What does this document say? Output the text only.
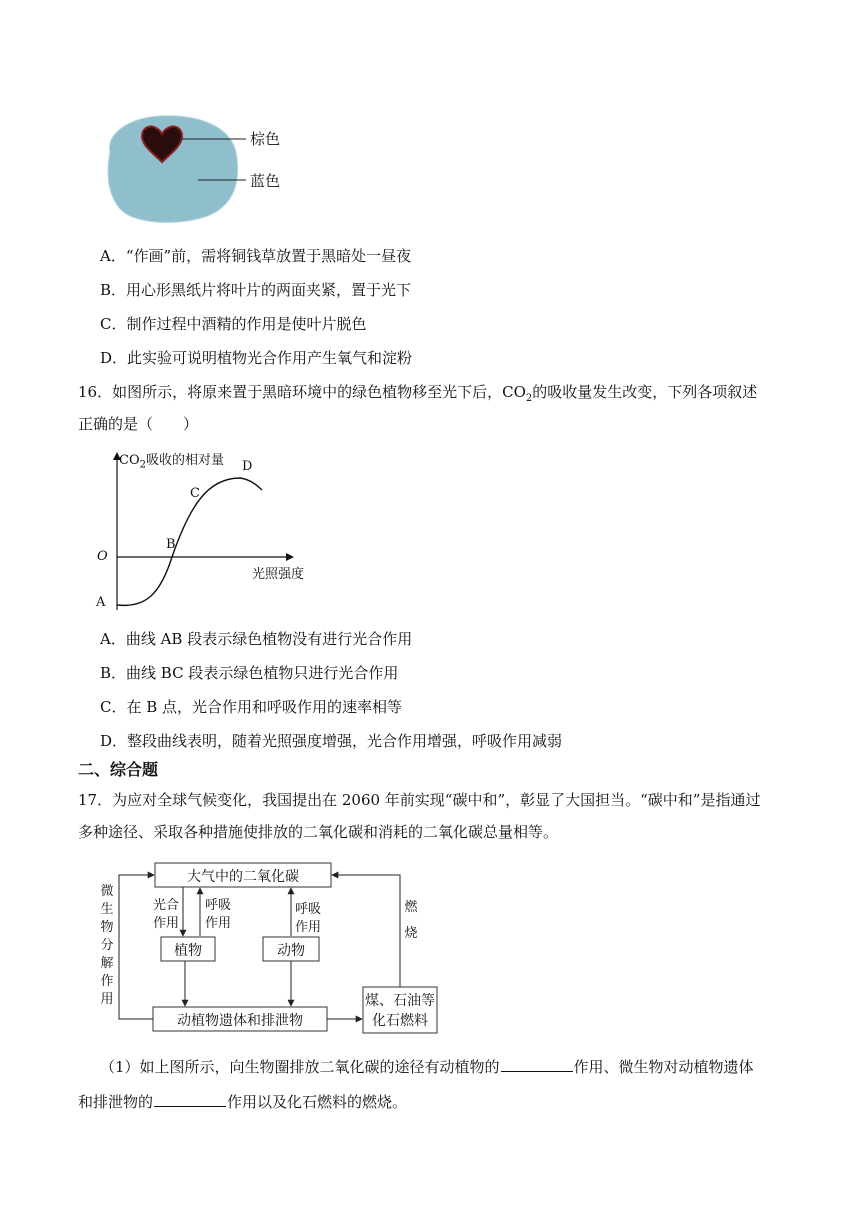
棕色
蓝色
A．“作画”前，需将铜钱草放置于黑暗处一昼夜
B．用心形黑纸片将叶片的两面夹紧，置于光下
C．制作过程中酒精的作用是使叶片脱色
D．此实验可说明植物光合作用产生氧气和淀粉
16．如图所示，将原来置于黑暗环境中的绿色植物移至光下后，$CO_2$的吸收量发生改变，下列各项叙述
正确的是（　　）
$CO_2$吸收的相对量 D
C
B
O
光照强度
A
A．曲线 AB 段表示绿色植物没有进行光合作用
B．曲线 BC 段表示绿色植物只进行光合作用
C．在 B 点，光合作用和呼吸作用的速率相等
D．整段曲线表明，随着光照强度增强，光合作用增强，呼吸作用减弱
二、综合题
17．为应对全球气候变化，我国提出在 2060 年前实现“碳中和”，彰显了大国担当。“碳中和”是指通过
多种途径、采取各种措施使排放的二氧化碳和消耗的二氧化碳总量相等。
大气中的二氧化碳
植物	动物
动植物遗体和排泄物
煤、石油等
化石燃料
光合
作用
呼吸
作用
呼吸
作用
微
生
物
分
解
作
用
燃
烧
（1）如上图所示，向生物圈排放二氧化碳的途径有动植物的	作用、微生物对动植物遗体
和排泄物的	作用以及化石燃料的燃烧。
